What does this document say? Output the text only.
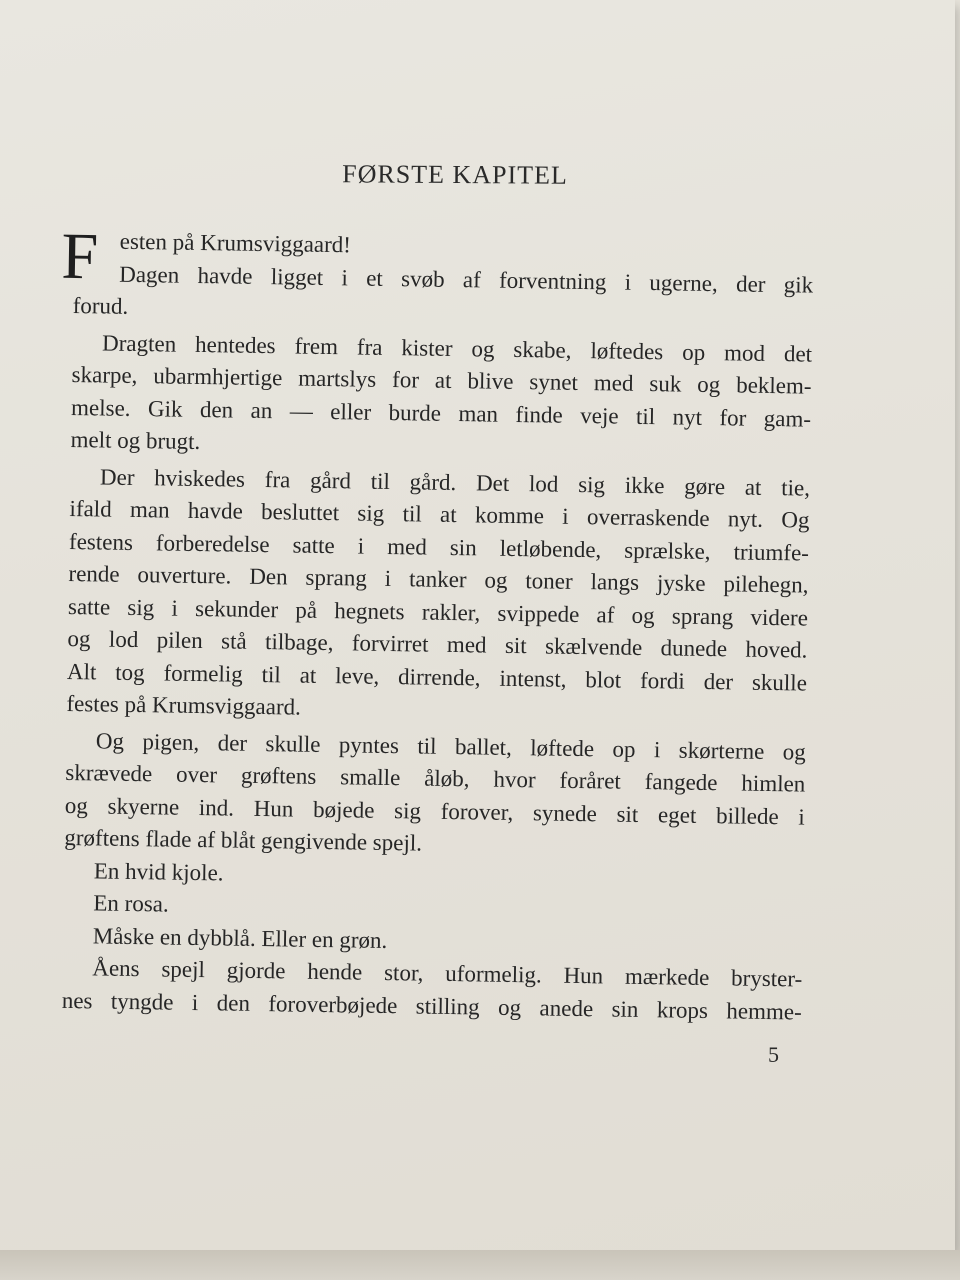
FØRSTE KAPITEL
F esten på Krumsviggaard!
Dagen havde ligget i et svøb af forventning i ugerne, der gik
forud.
Dragten hentedes frem fra kister og skabe, løftedes op mod det
skarpe, ubarmhjertige martslys for at blive synet med suk og beklem-
melse. Gik den an — eller burde man finde veje til nyt for gam-
melt og brugt.
Der hviskedes fra gård til gård. Det lod sig ikke gøre at tie,
ifald man havde besluttet sig til at komme i overraskende nyt. Og
festens forberedelse satte i med sin letløbende, sprælske, triumfe-
rende ouverture. Den sprang i tanker og toner langs jyske pilehegn,
satte sig i sekunder på hegnets rakler, svippede af og sprang videre
og lod pilen stå tilbage, forvirret med sit skælvende dunede hoved.
Alt tog formelig til at leve, dirrende, intenst, blot fordi der skulle
festes på Krumsviggaard.
Og pigen, der skulle pyntes til ballet, løftede op i skørterne og
skrævede over grøftens smalle åløb, hvor foråret fangede himlen
og skyerne ind. Hun bøjede sig forover, synede sit eget billede i
grøftens flade af blåt gengivende spejl.
En hvid kjole.
En rosa.
Måske en dybblå. Eller en grøn.
Åens spejl gjorde hende stor, uformelig. Hun mærkede bryster-
nes tyngde i den foroverbøjede stilling og anede sin krops hemme-
5
